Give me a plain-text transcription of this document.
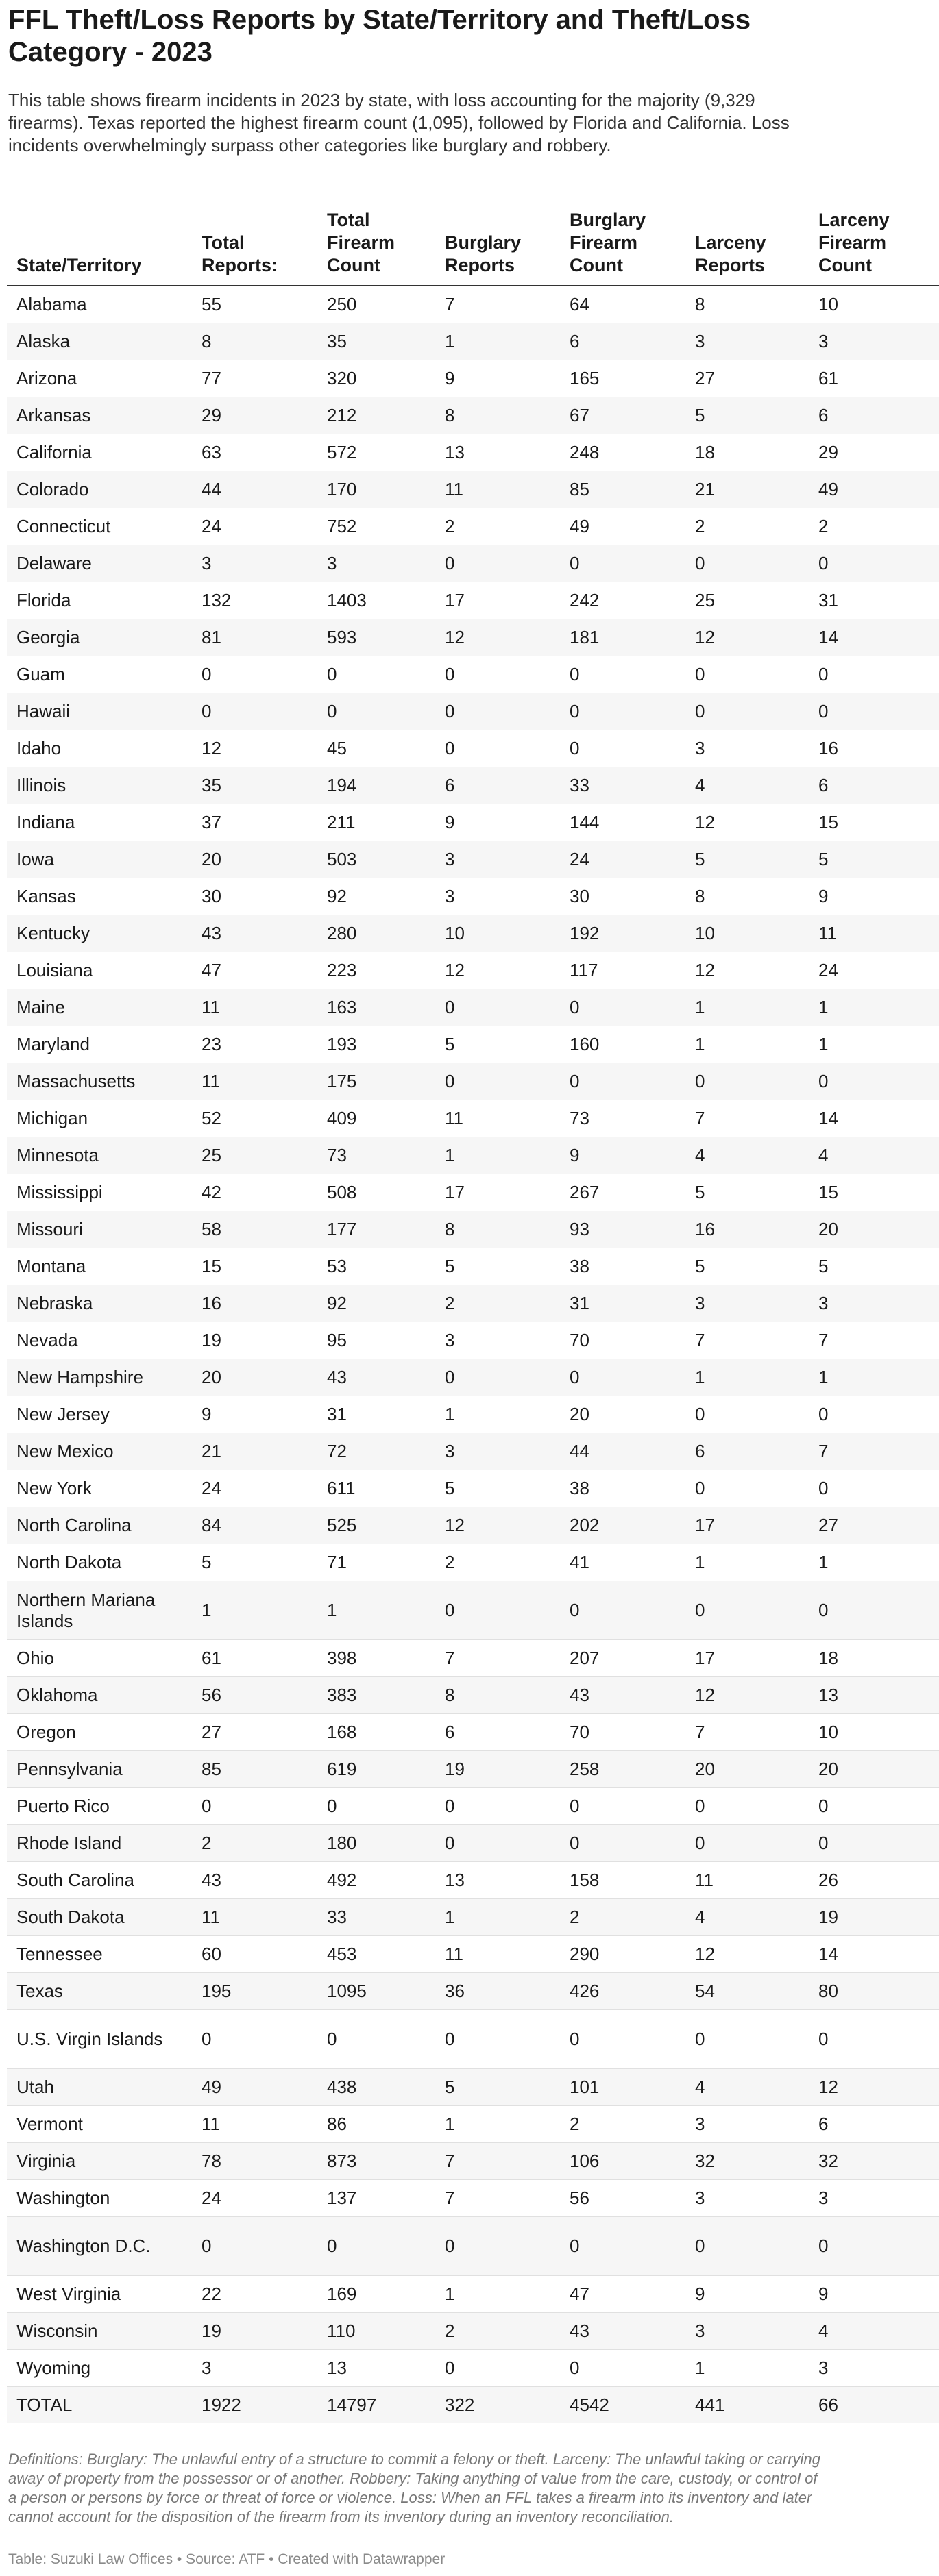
FFL Theft/Loss Reports by State/Territory and Theft/Loss Category - 2023

This table shows firearm incidents in 2023 by state, with loss accounting for the majority (9,329 firearms). Texas reported the highest firearm count (1,095), followed by Florida and California. Loss incidents overwhelmingly surpass other categories like burglary and robbery.

State/Territory	Total Reports:	Total Firearm Count	Burglary Reports	Burglary Firearm Count	Larceny Reports	Larceny Firearm Count
Alabama	55	250	7	64	8	10
Alaska	8	35	1	6	3	3
Arizona	77	320	9	165	27	61
Arkansas	29	212	8	67	5	6
California	63	572	13	248	18	29
Colorado	44	170	11	85	21	49
Connecticut	24	752	2	49	2	2
Delaware	3	3	0	0	0	0
Florida	132	1403	17	242	25	31
Georgia	81	593	12	181	12	14
Guam	0	0	0	0	0	0
Hawaii	0	0	0	0	0	0
Idaho	12	45	0	0	3	16
Illinois	35	194	6	33	4	6
Indiana	37	211	9	144	12	15
Iowa	20	503	3	24	5	5
Kansas	30	92	3	30	8	9
Kentucky	43	280	10	192	10	11
Louisiana	47	223	12	117	12	24
Maine	11	163	0	0	1	1
Maryland	23	193	5	160	1	1
Massachusetts	11	175	0	0	0	0
Michigan	52	409	11	73	7	14
Minnesota	25	73	1	9	4	4
Mississippi	42	508	17	267	5	15
Missouri	58	177	8	93	16	20
Montana	15	53	5	38	5	5
Nebraska	16	92	2	31	3	3
Nevada	19	95	3	70	7	7
New Hampshire	20	43	0	0	1	1
New Jersey	9	31	1	20	0	0
New Mexico	21	72	3	44	6	7
New York	24	611	5	38	0	0
North Carolina	84	525	12	202	17	27
North Dakota	5	71	2	41	1	1
Northern Mariana Islands	1	1	0	0	0	0
Ohio	61	398	7	207	17	18
Oklahoma	56	383	8	43	12	13
Oregon	27	168	6	70	7	10
Pennsylvania	85	619	19	258	20	20
Puerto Rico	0	0	0	0	0	0
Rhode Island	2	180	0	0	0	0
South Carolina	43	492	13	158	11	26
South Dakota	11	33	1	2	4	19
Tennessee	60	453	11	290	12	14
Texas	195	1095	36	426	54	80
U.S. Virgin Islands	0	0	0	0	0	0
Utah	49	438	5	101	4	12
Vermont	11	86	1	2	3	6
Virginia	78	873	7	106	32	32
Washington	24	137	7	56	3	3
Washington D.C.	0	0	0	0	0	0
West Virginia	22	169	1	47	9	9
Wisconsin	19	110	2	43	3	4
Wyoming	3	13	0	0	1	3
TOTAL	1922	14797	322	4542	441	66

Definitions: Burglary: The unlawful entry of a structure to commit a felony or theft. Larceny: The unlawful taking or carrying away of property from the possessor or of another. Robbery: Taking anything of value from the care, custody, or control of a person or persons by force or threat of force or violence. Loss: When an FFL takes a firearm into its inventory and later cannot account for the disposition of the firearm from its inventory during an inventory reconciliation.

Table: Suzuki Law Offices • Source: ATF • Created with Datawrapper
